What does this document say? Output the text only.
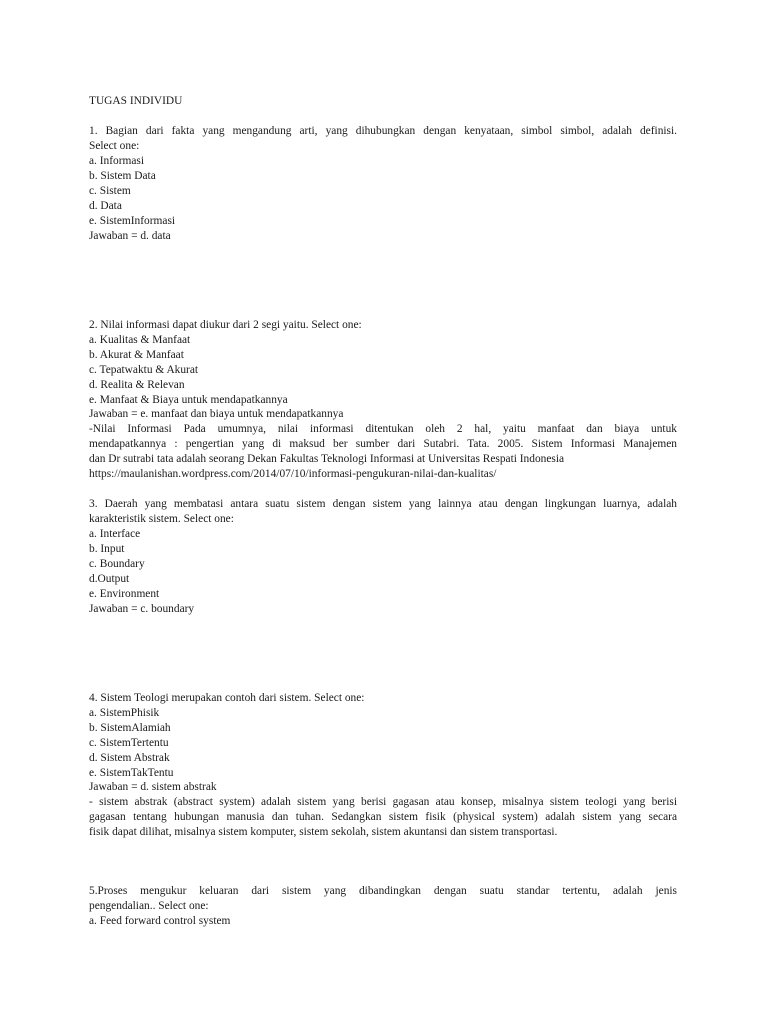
TUGAS INDIVIDU
1. Bagian dari fakta yang mengandung arti, yang dihubungkan dengan kenyataan, simbol simbol, adalah definisi.
Select one:
a. Informasi
b. Sistem Data
c. Sistem
d. Data
e. SistemInformasi
Jawaban = d. data
2. Nilai informasi dapat diukur dari 2 segi yaitu. Select one:
a. Kualitas & Manfaat
b. Akurat & Manfaat
c. Tepatwaktu & Akurat
d. Realita & Relevan
e. Manfaat & Biaya untuk mendapatkannya
Jawaban = e. manfaat dan biaya untuk mendapatkannya
-Nilai Informasi Pada umumnya, nilai informasi ditentukan oleh 2 hal, yaitu manfaat dan biaya untuk
mendapatkannya : pengertian yang di maksud ber sumber dari Sutabri. Tata. 2005. Sistem Informasi Manajemen
dan Dr sutrabi tata adalah seorang Dekan Fakultas Teknologi Informasi at Universitas Respati Indonesia
https://maulanishan.wordpress.com/2014/07/10/informasi-pengukuran-nilai-dan-kualitas/
3. Daerah yang membatasi antara suatu sistem dengan sistem yang lainnya atau dengan lingkungan luarnya, adalah
karakteristik sistem. Select one:
a. Interface
b. Input
c. Boundary
d.Output
e. Environment
Jawaban = c. boundary
4. Sistem Teologi merupakan contoh dari sistem. Select one:
a. SistemPhisik
b. SistemAlamiah
c. SistemTertentu
d. Sistem Abstrak
e. SistemTakTentu
Jawaban = d. sistem abstrak
- sistem abstrak (abstract system) adalah sistem yang berisi gagasan atau konsep, misalnya sistem teologi yang berisi
gagasan tentang hubungan manusia dan tuhan. Sedangkan sistem fisik (physical system) adalah sistem yang secara
fisik dapat dilihat, misalnya sistem komputer, sistem sekolah, sistem akuntansi dan sistem transportasi.
5.Proses mengukur keluaran dari sistem yang dibandingkan dengan suatu standar tertentu, adalah jenis
pengendalian.. Select one:
a. Feed forward control system
